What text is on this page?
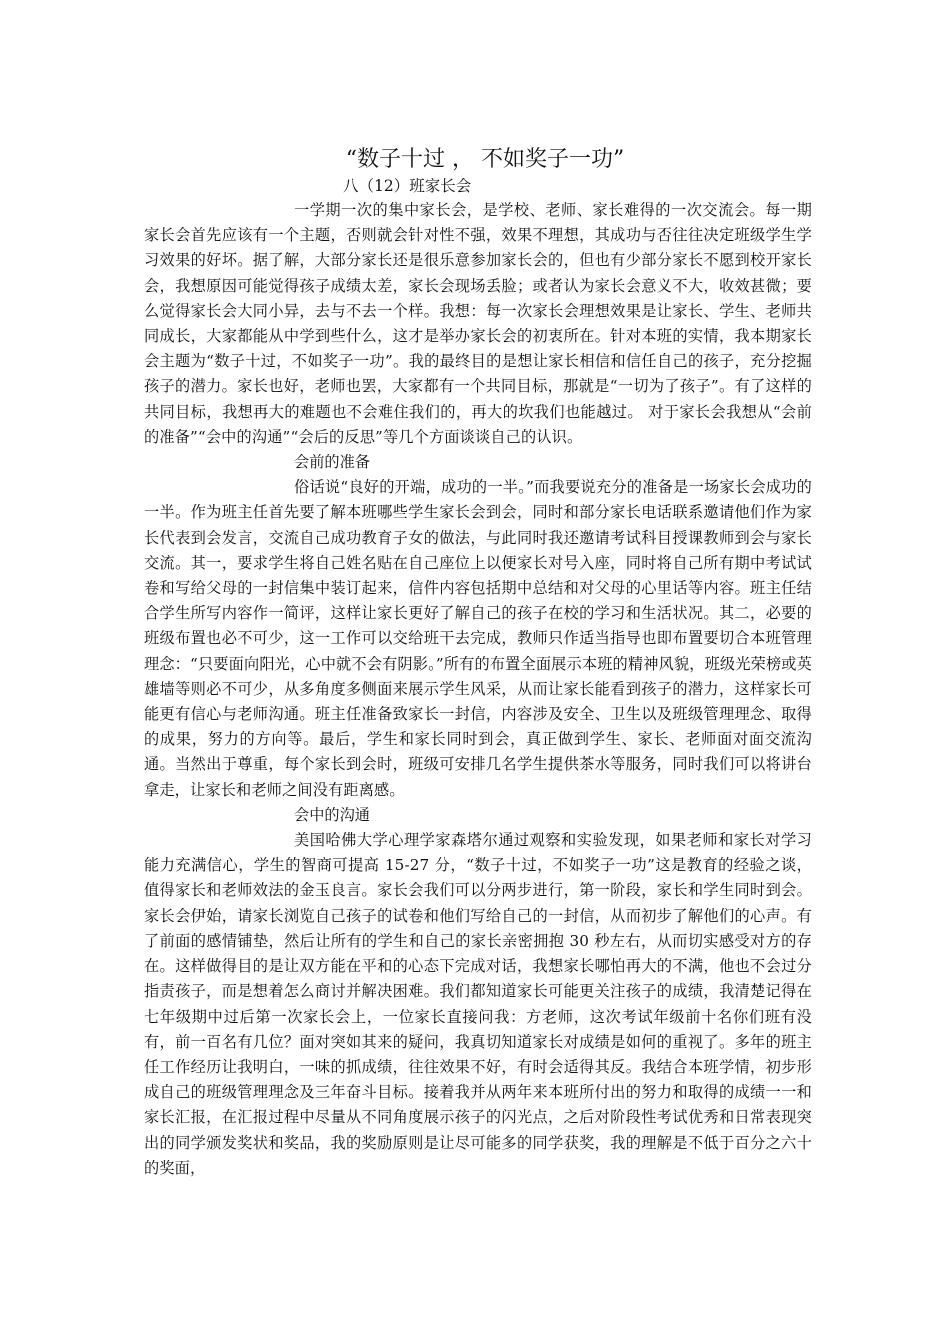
“数子十过 ， 不如奖子一功”
八（12）班家长会

一学期一次的集中家长会，是学校、老师、家长难得的一次交流会。每一期家长会首先应该有一个主题，否则就会针对性不强，效果不理想，其成功与否往往决定班级学生学习效果的好坏。据了解，大部分家长还是很乐意参加家长会的，但也有少部分家长不愿到校开家长会，我想原因可能觉得孩子成绩太差，家长会现场丢脸；或者认为家长会意义不大，收效甚微；要么觉得家长会大同小异，去与不去一个样。我想：每一次家长会理想效果是让家长、学生、老师共同成长，大家都能从中学到些什么，这才是举办家长会的初衷所在。针对本班的实情，我本期家长会主题为“数子十过，不如奖子一功”。我的最终目的是想让家长相信和信任自己的孩子，充分挖掘孩子的潜力。家长也好，老师也罢，大家都有一个共同目标，那就是“一切为了孩子”。有了这样的共同目标，我想再大的难题也不会难住我们的，再大的坎我们也能越过。 对于家长会我想从“会前的准备”“会中的沟通”“会后的反思”等几个方面谈谈自己的认识。

会前的准备

俗话说“良好的开端，成功的一半。”而我要说充分的准备是一场家长会成功的一半。作为班主任首先要了解本班哪些学生家长会到会，同时和部分家长电话联系邀请他们作为家长代表到会发言，交流自己成功教育子女的做法，与此同时我还邀请考试科目授课教师到会与家长交流。其一，要求学生将自己姓名贴在自己座位上以便家长对号入座，同时将自己所有期中考试试卷和写给父母的一封信集中装订起来，信件内容包括期中总结和对父母的心里话等内容。班主任结合学生所写内容作一简评，这样让家长更好了解自己的孩子在校的学习和生活状况。其二，必要的班级布置也必不可少，这一工作可以交给班干去完成，教师只作适当指导也即布置要切合本班管理理念：“只要面向阳光，心中就不会有阴影。”所有的布置全面展示本班的精神风貌，班级光荣榜或英雄墙等则必不可少，从多角度多侧面来展示学生风采，从而让家长能看到孩子的潜力，这样家长可能更有信心与老师沟通。班主任准备致家长一封信，内容涉及安全、卫生以及班级管理理念、取得的成果，努力的方向等。最后，学生和家长同时到会，真正做到学生、家长、老师面对面交流沟通。当然出于尊重，每个家长到会时，班级可安排几名学生提供茶水等服务，同时我们可以将讲台拿走，让家长和老师之间没有距离感。

会中的沟通

美国哈佛大学心理学家森塔尔通过观察和实验发现，如果老师和家长对学习能力充满信心，学生的智商可提高 15-27 分，“数子十过，不如奖子一功”这是教育的经验之谈，值得家长和老师效法的金玉良言。家长会我们可以分两步进行，第一阶段，家长和学生同时到会。家长会伊始，请家长浏览自己孩子的试卷和他们写给自己的一封信，从而初步了解他们的心声。有了前面的感情铺垫，然后让所有的学生和自己的家长亲密拥抱 30 秒左右，从而切实感受对方的存在。这样做得目的是让双方能在平和的心态下完成对话，我想家长哪怕再大的不满，他也不会过分指责孩子，而是想着怎么商讨并解决困难。我们都知道家长可能更关注孩子的成绩，我清楚记得在七年级期中过后第一次家长会上，一位家长直接问我：方老师，这次考试年级前十名你们班有没有，前一百名有几位？面对突如其来的疑问，我真切知道家长对成绩是如何的重视了。多年的班主任工作经历让我明白，一味的抓成绩，往往效果不好，有时会适得其反。我结合本班学情，初步形成自己的班级管理理念及三年奋斗目标。接着我并从两年来本班所付出的努力和取得的成绩一一和家长汇报，在汇报过程中尽量从不同角度展示孩子的闪光点，之后对阶段性考试优秀和日常表现突出的同学颁发奖状和奖品，我的奖励原则是让尽可能多的同学获奖，我的理解是不低于百分之六十的奖面，
